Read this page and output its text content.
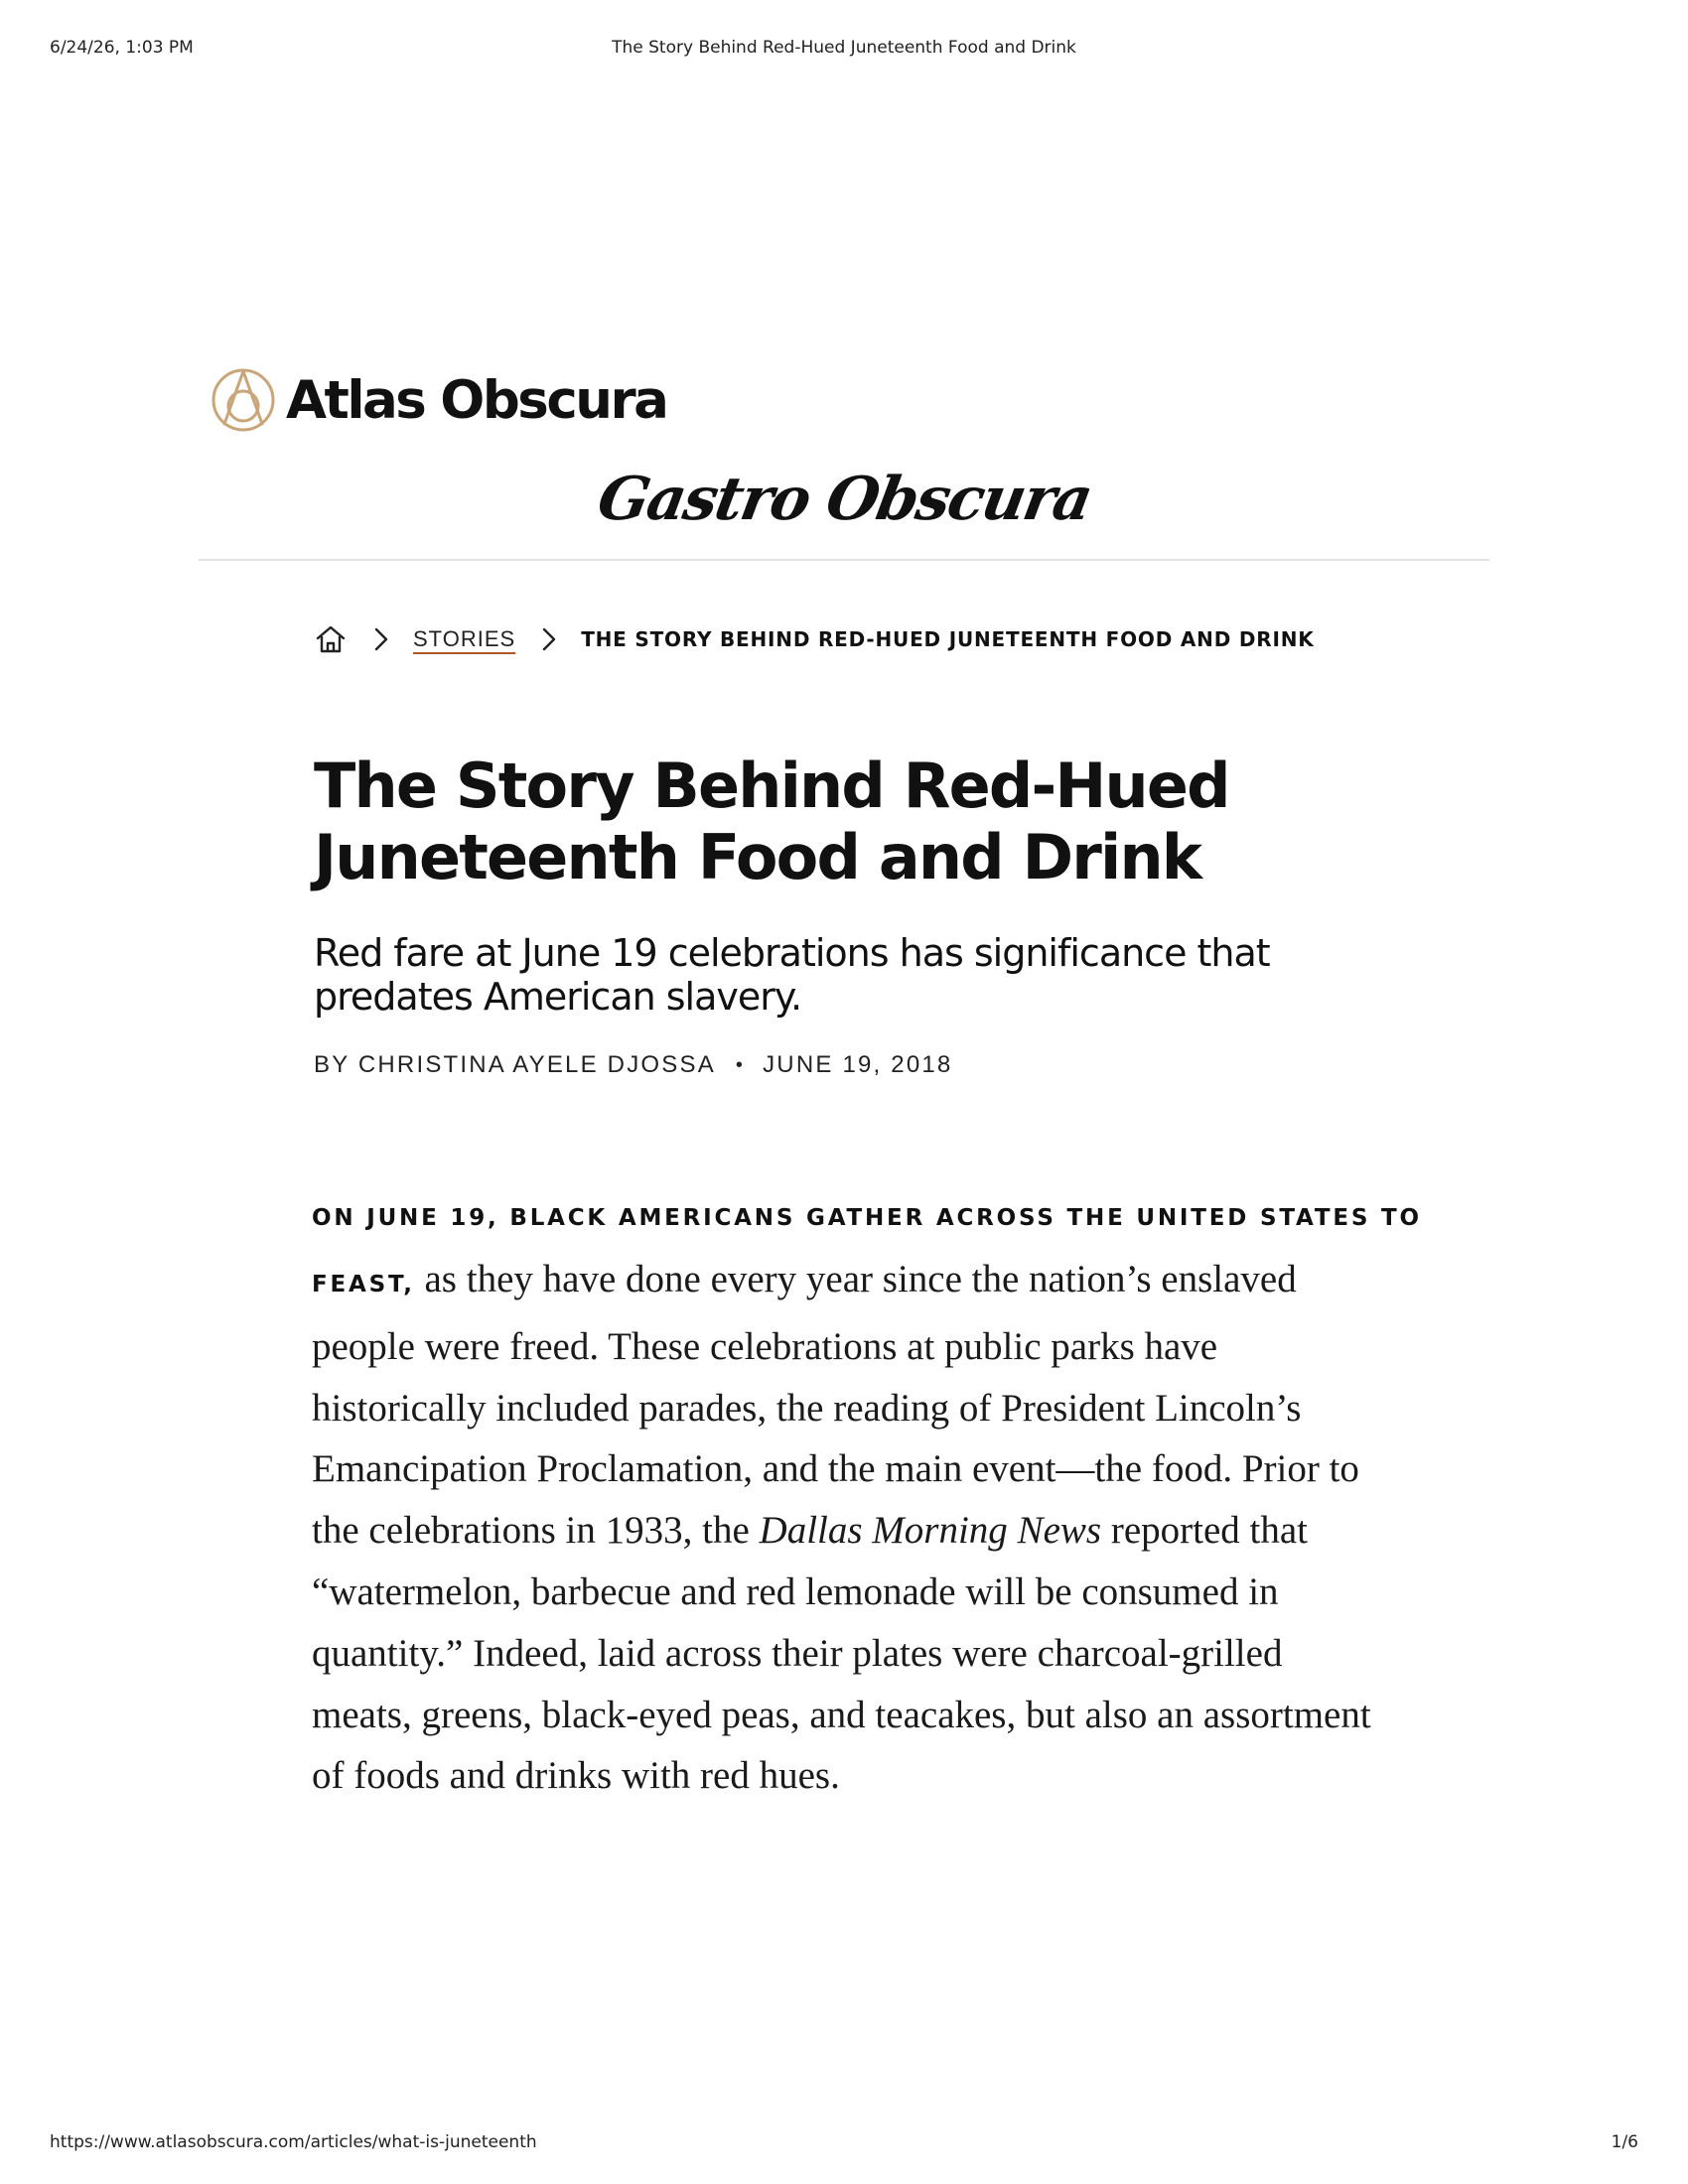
6/24/26, 1:03 PM	The Story Behind Red-Hued Juneteenth Food and Drink
Atlas Obscura
Gastro Obscura
STORIES	THE STORY BEHIND RED-HUED JUNETEENTH FOOD AND DRINK
The Story Behind Red-Hued Juneteenth Food and Drink

Red fare at June 19 celebrations has significance that predates American slavery.

BY CHRISTINA AYELE DJOSSA • JUNE 19, 2018

ON JUNE 19, BLACK AMERICANS GATHER ACROSS THE UNITED STATES TO
FEAST, as they have done every year since the nation’s enslaved people were freed. These celebrations at public parks have historically included parades, the reading of President Lincoln’s Emancipation Proclamation, and the main event—the food. Prior to the celebrations in 1933, the Dallas Morning News reported that “watermelon, barbecue and red lemonade will be consumed in quantity.” Indeed, laid across their plates were charcoal-grilled meats, greens, black-eyed peas, and teacakes, but also an assortment of foods and drinks with red hues.

https://www.atlasobscura.com/articles/what-is-juneteenth	1/6
